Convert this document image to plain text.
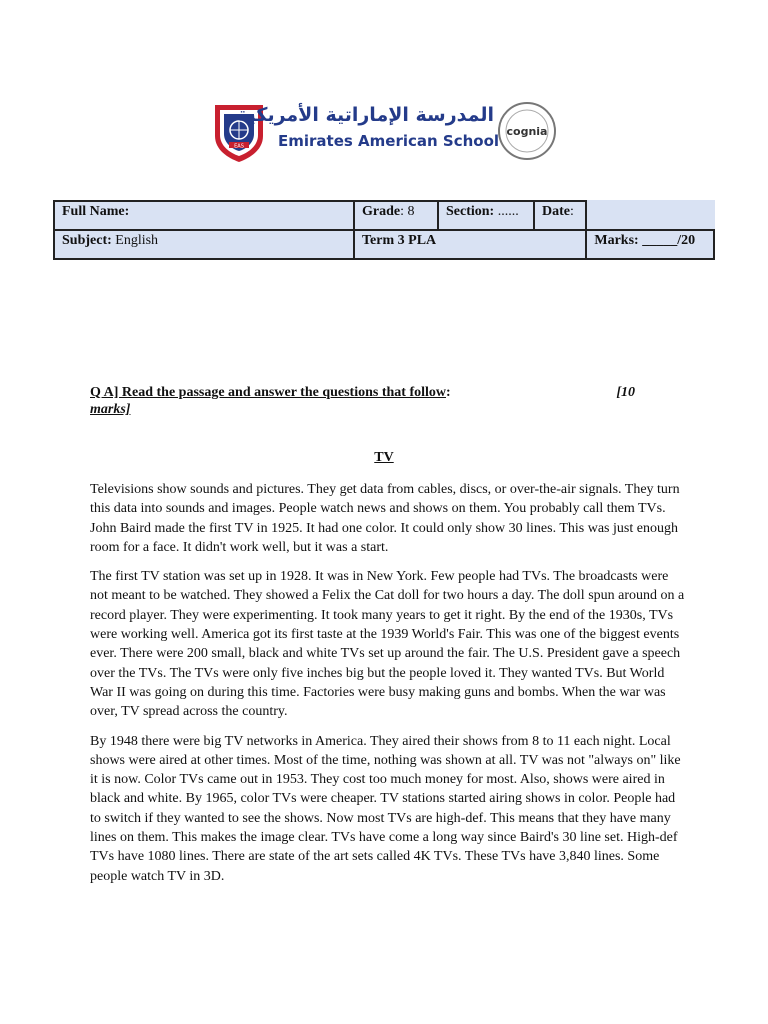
EAS
المدرسة الإماراتية الأمريكية
Emirates American School
cognia
Full Name:	Grade: 8	Section: ......	Date:	
Subject: English	Term 3 PLA			Marks: _____/20
Q A] Read the passage and answer the questions that follow:	[10
marks]
TV

Televisions show sounds and pictures. They get data from cables, discs, or over-the-air signals. They turn this data into sounds and images. People watch news and shows on them. You probably call them TVs. John Baird made the first TV in 1925. It had one color. It could only show 30 lines. This was just enough room for a face. It didn't work well, but it was a start.

The first TV station was set up in 1928. It was in New York. Few people had TVs. The broadcasts were not meant to be watched. They showed a Felix the Cat doll for two hours a day. The doll spun around on a record player. They were experimenting. It took many years to get it right. By the end of the 1930s, TVs were working well. America got its first taste at the 1939 World's Fair. This was one of the biggest events ever. There were 200 small, black and white TVs set up around the fair. The U.S. President gave a speech over the TVs. The TVs were only five inches big but the people loved it. They wanted TVs. But World War II was going on during this time. Factories were busy making guns and bombs. When the war was over, TV spread across the country.

By 1948 there were big TV networks in America. They aired their shows from 8 to 11 each night. Local shows were aired at other times. Most of the time, nothing was shown at all. TV was not "always on" like it is now. Color TVs came out in 1953. They cost too much money for most. Also, shows were aired in black and white. By 1965, color TVs were cheaper. TV stations started airing shows in color. People had to switch if they wanted to see the shows. Now most TVs are high-def. This means that they have many lines on them. This makes the image clear. TVs have come a long way since Baird's 30 line set. High-def TVs have 1080 lines. There are state of the art sets called 4K TVs. These TVs have 3,840 lines. Some people watch TV in 3D.
